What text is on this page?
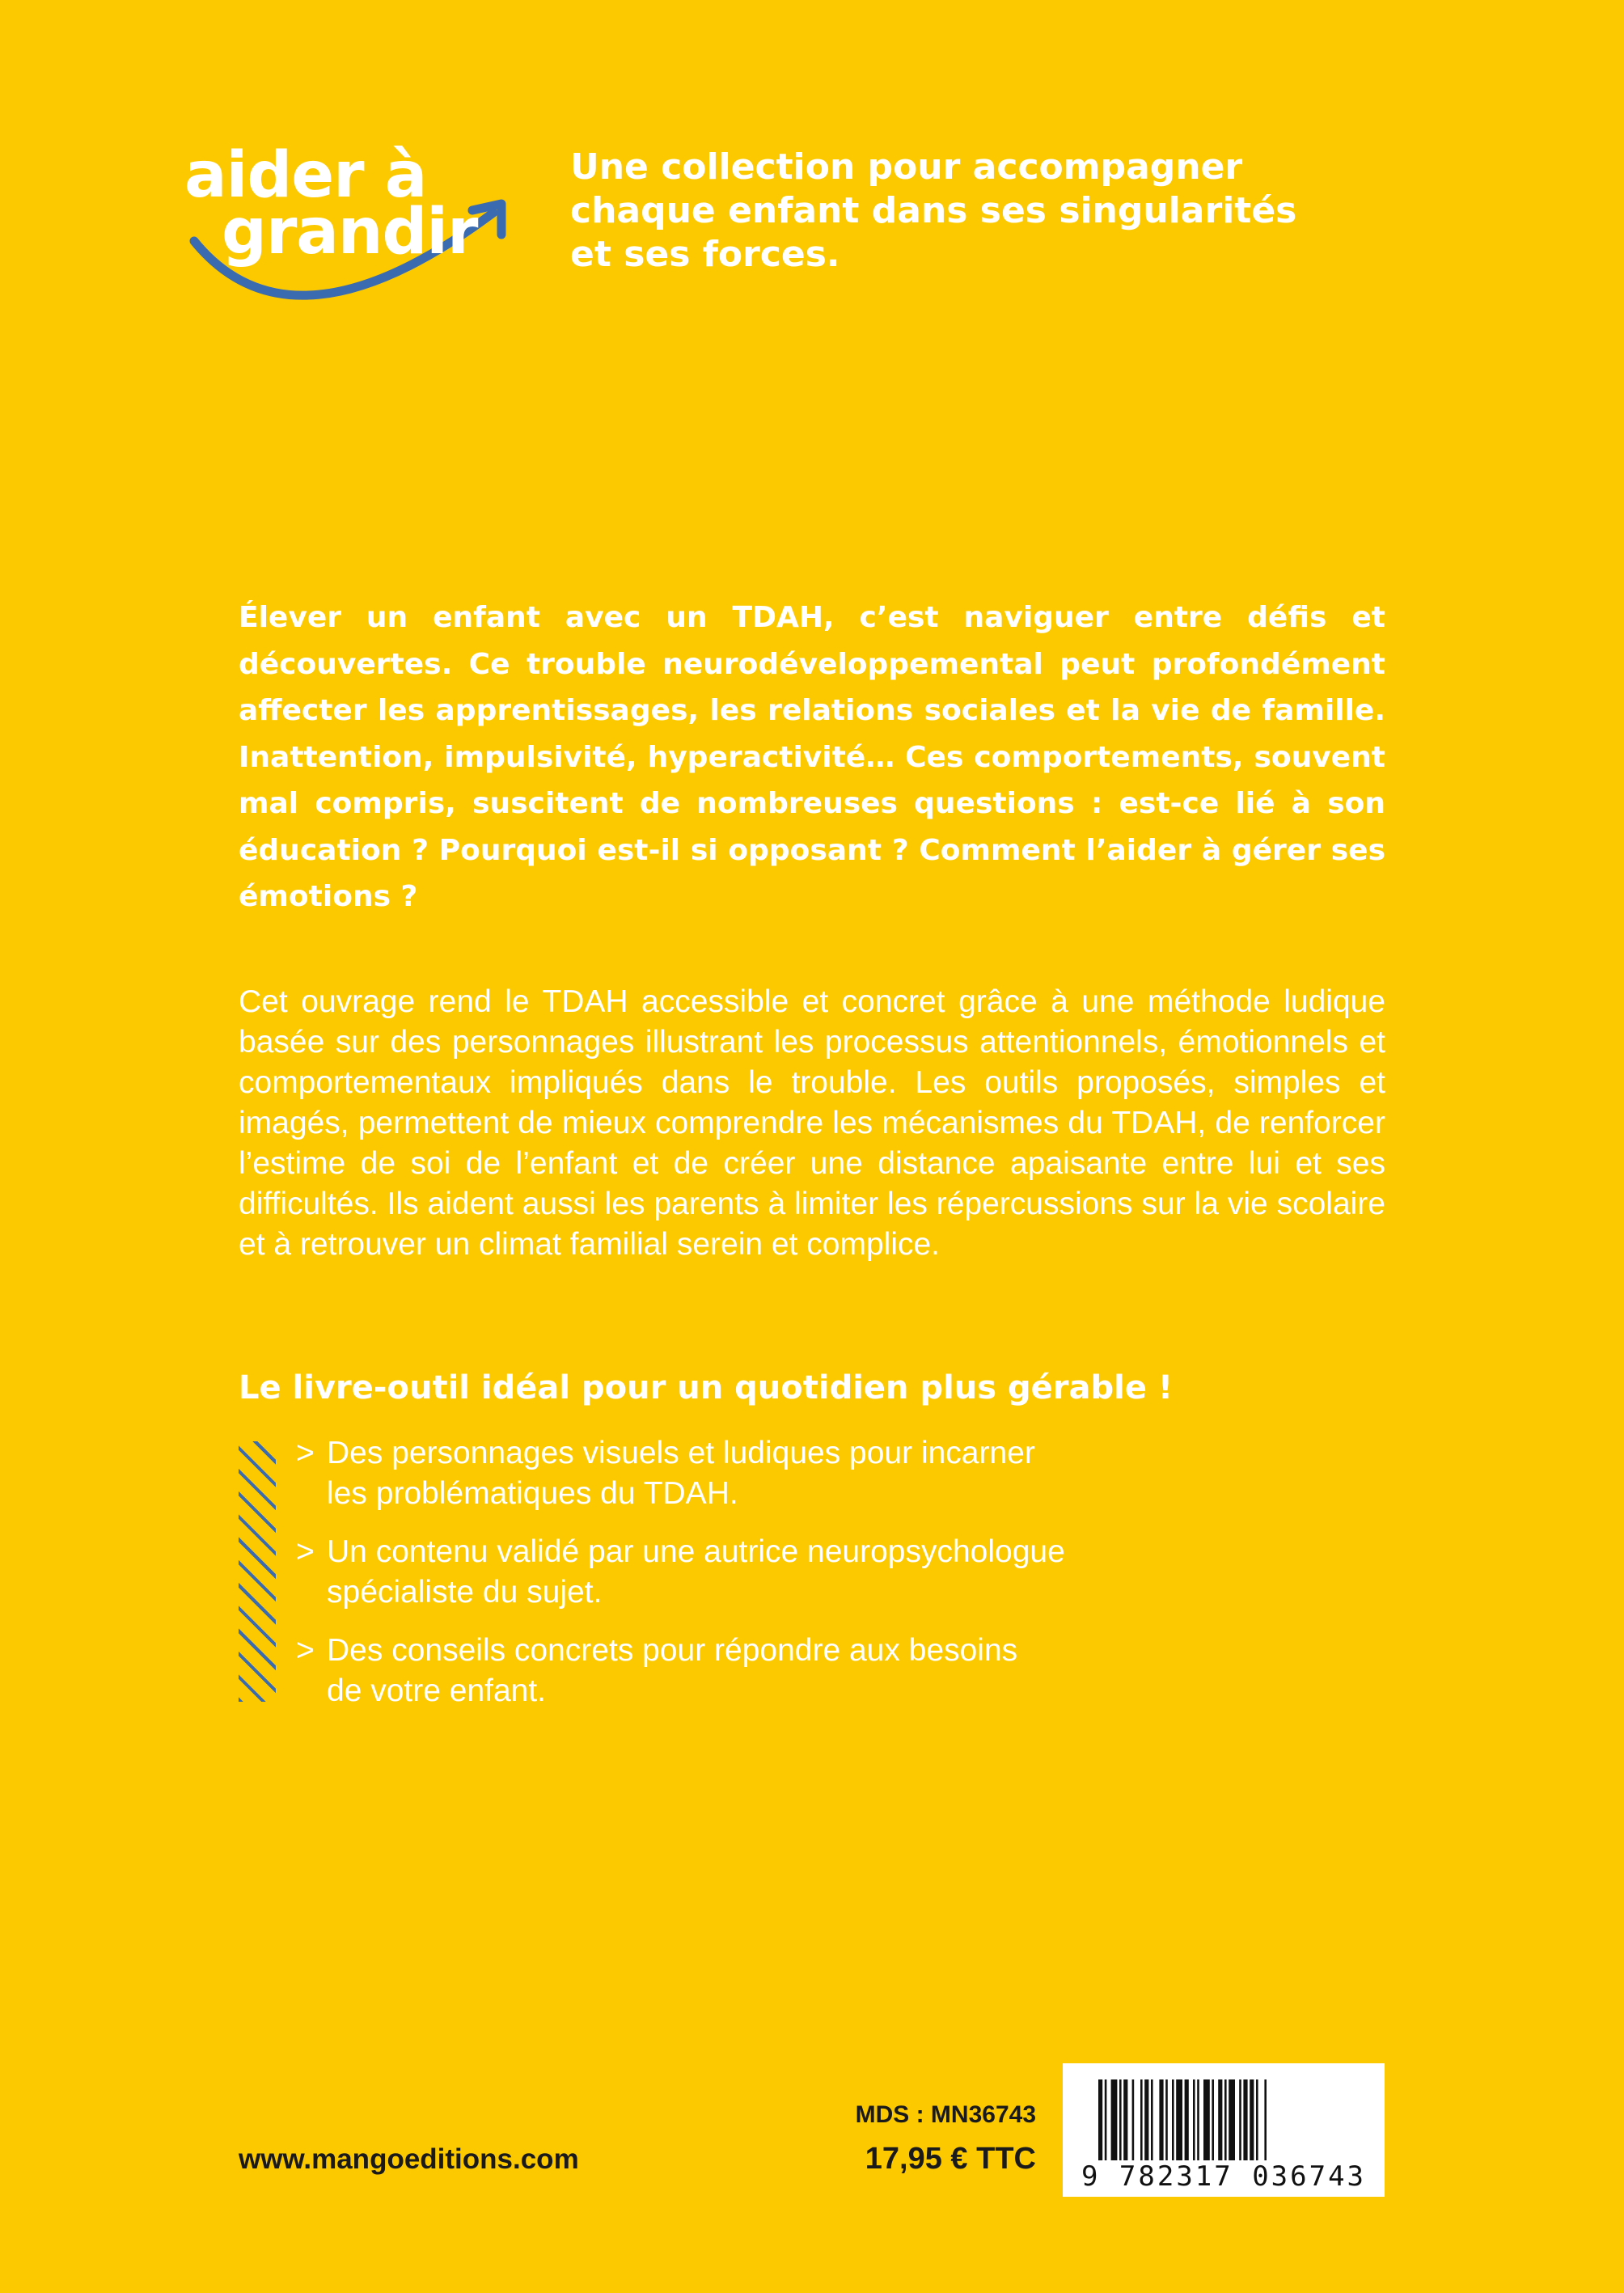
aider à
grandir
Une collection pour accompagner
chaque enfant dans ses singularités
et ses forces.

Élever un enfant avec un TDAH, c’est naviguer entre défis et découvertes. Ce trouble neurodéveloppemental peut profondément affecter les apprentissages, les relations sociales et la vie de famille. Inattention, impulsivité, hyperactivité… Ces comportements, souvent mal compris, suscitent de nombreuses questions : est-ce lié à son éducation ? Pourquoi est-il si opposant ? Comment l’aider à gérer ses émotions ?

Cet ouvrage rend le TDAH accessible et concret grâce à une méthode ludique basée sur des personnages illustrant les processus attentionnels, émotionnels et comportementaux impliqués dans le trouble. Les outils proposés, simples et imagés, permettent de mieux comprendre les mécanismes du TDAH, de renforcer l’estime de soi de l’enfant et de créer une distance apaisante entre lui et ses difficultés. Ils aident aussi les parents à limiter les répercussions sur la vie scolaire et à retrouver un climat familial serein et complice.

Le livre-outil idéal pour un quotidien plus gérable !
> Des personnages visuels et ludiques pour incarner
les problématiques du TDAH.
> Un contenu validé par une autrice neuropsychologue
spécialiste du sujet.
> Des conseils concrets pour répondre aux besoins
de votre enfant.
www.mangoeditions.com
MDS : MN36743
17,95 € TTC
9 782317 036743
